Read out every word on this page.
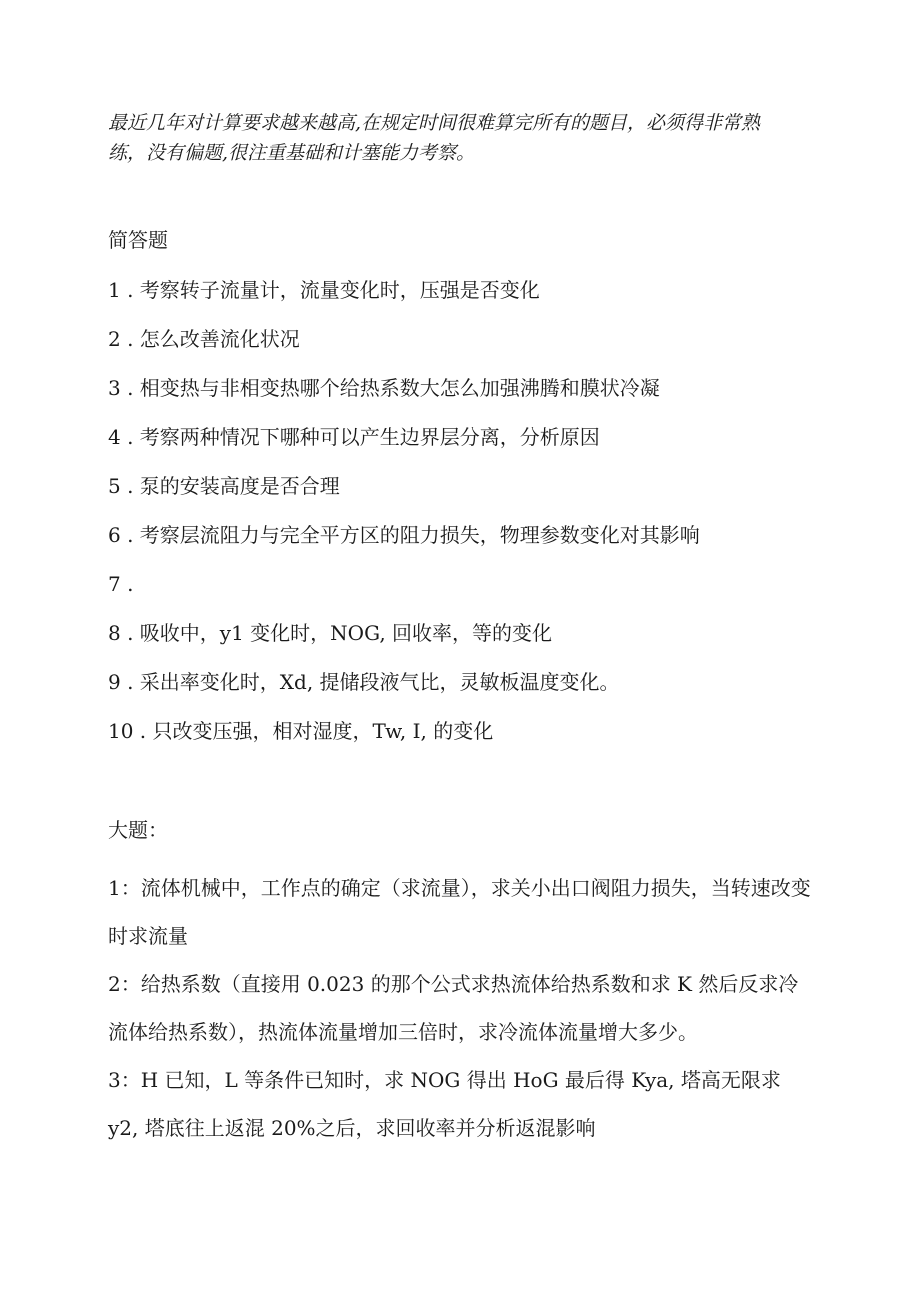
最近几年对计算要求越来越高,在规定时间很难算完所有的题目，必须得非常熟练，没有偏题,很注重基础和计塞能力考察。

简答题
1 . 考察转子流量计，流量变化时，压强是否变化
2 . 怎么改善流化状况
3 . 相变热与非相变热哪个给热系数大怎么加强沸腾和膜状冷凝
4 . 考察两种情况下哪种可以产生边界层分离，分析原因
5 . 泵的安装高度是否合理
6 . 考察层流阻力与完全平方区的阻力损失，物理参数变化对其影响
7 .
8 . 吸收中，y1 变化时，NOG, 回收率，等的变化
9 . 采出率变化时，Xd, 提储段液气比，灵敏板温度变化。
10 . 只改变压强，相对湿度，Tw, I, 的变化
大题：
1：流体机械中，工作点的确定（求流量），求关小出口阀阻力损失，当转速改变时求流量
2：给热系数（直接用 0.023 的那个公式求热流体给热系数和求 K 然后反求冷流体给热系数），热流体流量增加三倍时，求冷流体流量增大多少。
3：H 已知，L 等条件已知时，求 NOG 得出 HoG 最后得 Kya, 塔高无限求 y2, 塔底往上返混 20%之后，求回收率并分析返混影响
